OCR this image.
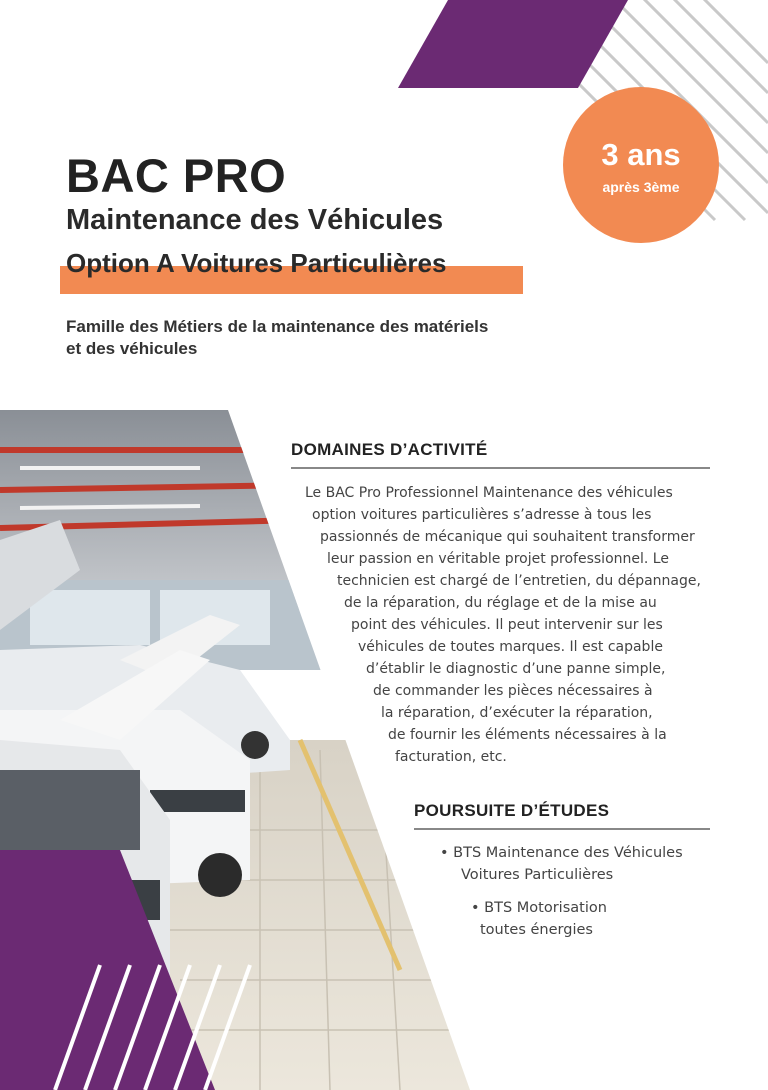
3 ans
après 3ème
BAC PRO
Maintenance des Véhicules
Option A Voitures Particulières
Famille des Métiers de la maintenance des matériels
et des véhicules
DOMAINES D’ACTIVITÉ
Le BAC Pro Professionnel Maintenance des véhicules
option voitures particulières s’adresse à tous les
passionnés de mécanique qui souhaitent transformer
leur passion en véritable projet professionnel. Le
technicien est chargé de l’entretien, du dépannage,
de la réparation, du réglage et de la mise au
point des véhicules. Il peut intervenir sur les
véhicules de toutes marques. Il est capable
d’établir le diagnostic d’une panne simple,
de commander les pièces nécessaires à
la réparation, d’exécuter la réparation,
de fournir les éléments nécessaires à la
facturation, etc.
POURSUITE D’ÉTUDES
• BTS Maintenance des Véhicules
Voitures Particulières
• BTS Motorisation
toutes énergies
